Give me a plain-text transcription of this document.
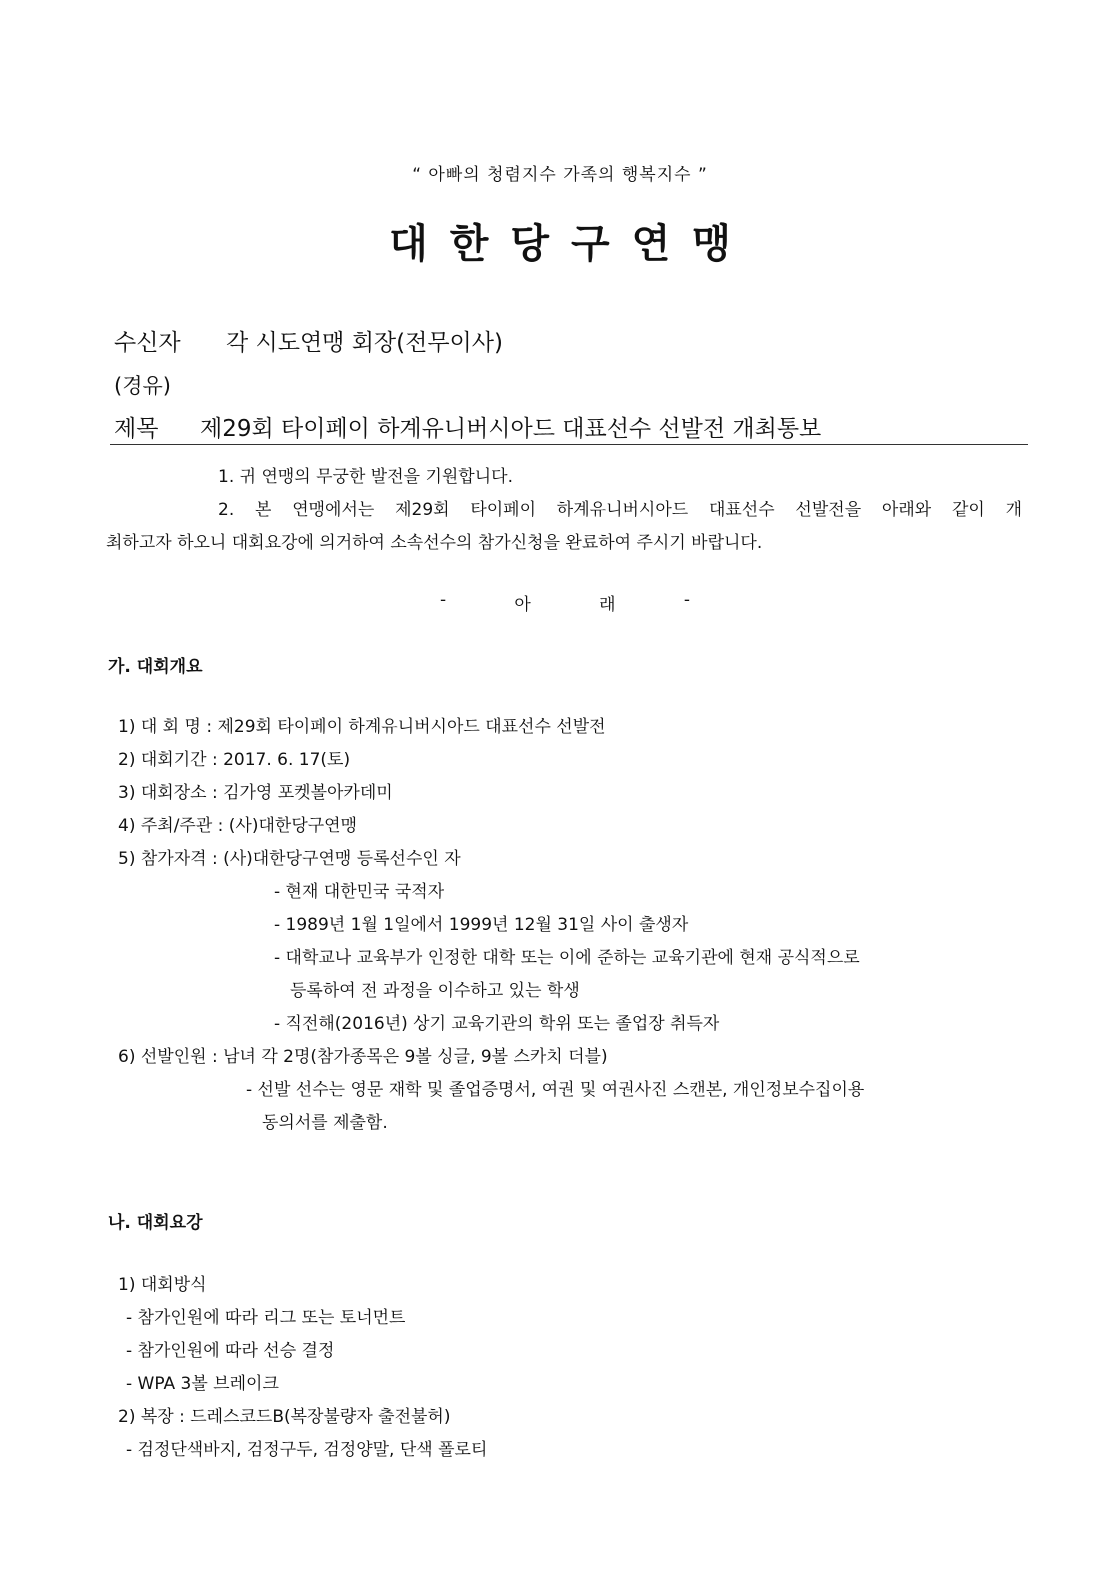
“ 아빠의 청렴지수 가족의 행복지수 ”
대한당구연맹
수신자 각 시도연맹 회장(전무이사)
(경유)
제목 제29회 타이페이 하계유니버시아드 대표선수 선발전 개최통보
1. 귀 연맹의 무궁한 발전을 기원합니다.
2. 본 연맹에서는 제29회 타이페이 하계유니버시아드 대표선수 선발전을 아래와 같이 개
최하고자 하오니 대회요강에 의거하여 소속선수의 참가신청을 완료하여 주시기 바랍니다.
-	아	래	-
가. 대회개요
1) 대 회 명 : 제29회 타이페이 하계유니버시아드 대표선수 선발전
2) 대회기간 : 2017. 6. 17(토)
3) 대회장소 : 김가영 포켓볼아카데미
4) 주최/주관 : (사)대한당구연맹
5) 참가자격 : (사)대한당구연맹 등록선수인 자
- 현재 대한민국 국적자
- 1989년 1월 1일에서 1999년 12월 31일 사이 출생자
- 대학교나 교육부가 인정한 대학 또는 이에 준하는 교육기관에 현재 공식적으로
등록하여 전 과정을 이수하고 있는 학생
- 직전해(2016년) 상기 교육기관의 학위 또는 졸업장 취득자
6) 선발인원 : 남녀 각 2명(참가종목은 9볼 싱글, 9볼 스카치 더블)
- 선발 선수는 영문 재학 및 졸업증명서, 여권 및 여권사진 스캔본, 개인정보수집이용
동의서를 제출함.
나. 대회요강
1) 대회방식
- 참가인원에 따라 리그 또는 토너먼트
- 참가인원에 따라 선승 결정
- WPA 3볼 브레이크
2) 복장 : 드레스코드B(복장불량자 출전불허)
- 검정단색바지, 검정구두, 검정양말, 단색 폴로티
